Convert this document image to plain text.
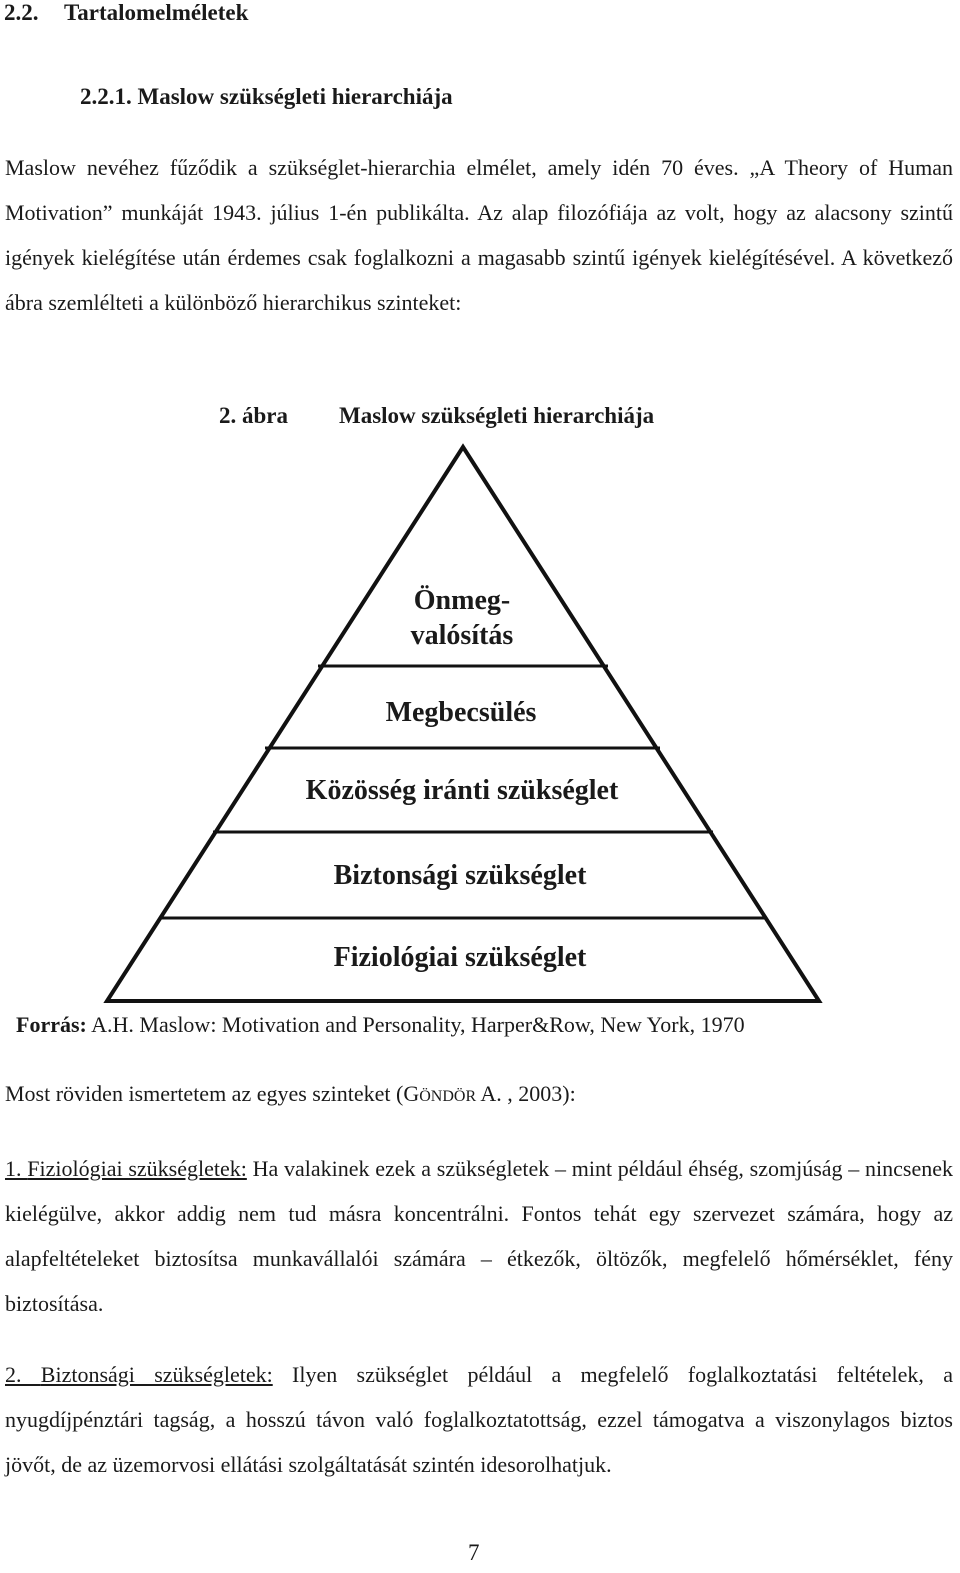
2.2. Tartalomelméletek
2.2.1. Maslow szükségleti hierarchiája
Maslow nevéhez fűződik a szükséglet-hierarchia elmélet, amely idén 70 éves. „A Theory of Human Motivation” munkáját 1943. július 1-én publikálta. Az alap filozófiája az volt, hogy az alacsony szintű igények kielégítése után érdemes csak foglalkozni a magasabb szintű igények kielégítésével. A következő ábra szemlélteti a különböző hierarchikus szinteket:
2. ábra Maslow szükségleti hierarchiája
Önmeg-
valósítás
Megbecsülés
Közösség iránti szükséglet
Biztonsági szükséglet
Fiziológiai szükséglet
Forrás: A.H. Maslow: Motivation and Personality, Harper&Row, New York, 1970
Most röviden ismertetem az egyes szinteket (GÖNDÖR A. , 2003):
1. Fiziológiai szükségletek: Ha valakinek ezek a szükségletek – mint például éhség, szomjúság – nincsenek kielégülve, akkor addig nem tud másra koncentrálni. Fontos tehát egy szervezet számára, hogy az alapfeltételeket biztosítsa munkavállalói számára – étkezők, öltözők, megfelelő hőmérséklet, fény biztosítása.
2. Biztonsági szükségletek: Ilyen szükséglet például a megfelelő foglalkoztatási feltételek, a nyugdíjpénztári tagság, a hosszú távon való foglalkoztatottság, ezzel támogatva a viszonylagos biztos jövőt, de az üzemorvosi ellátási szolgáltatását szintén idesorolhatjuk.
7
